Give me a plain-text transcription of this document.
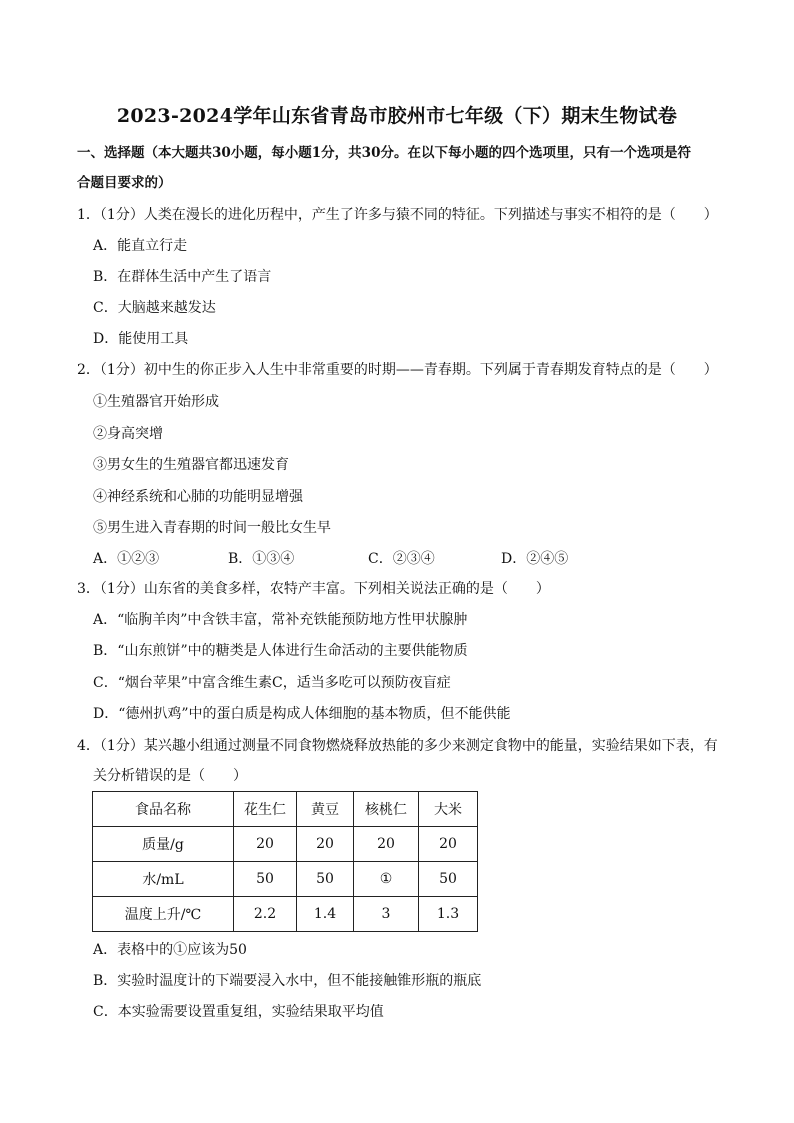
2023-2024学年山东省青岛市胶州市七年级（下）期末生物试卷
一、选择题（本大题共30小题，每小题1分，共30分。在以下每小题的四个选项里，只有一个选项是符
合题目要求的）
1．（1分）人类在漫长的进化历程中，产生了许多与猿不同的特征。下列描述与事实不相符的是（　　）
A．能直立行走
B．在群体生活中产生了语言
C．大脑越来越发达
D．能使用工具
2．（1分）初中生的你正步入人生中非常重要的时期——青春期。下列属于青春期发育特点的是（　　）
①生殖器官开始形成
②身高突增
③男女生的生殖器官都迅速发育
④神经系统和心肺的功能明显增强
⑤男生进入青春期的时间一般比女生早
A．①②③	B．①③④	C．②③④	D．②④⑤
3．（1分）山东省的美食多样，农特产丰富。下列相关说法正确的是（　　）
A．“临朐羊肉”中含铁丰富，常补充铁能预防地方性甲状腺肿
B．“山东煎饼”中的糖类是人体进行生命活动的主要供能物质
C．“烟台苹果”中富含维生素C，适当多吃可以预防夜盲症
D．“德州扒鸡”中的蛋白质是构成人体细胞的基本物质，但不能供能
4．（1分）某兴趣小组通过测量不同食物燃烧释放热能的多少来测定食物中的能量，实验结果如下表，有
关分析错误的是（　　）
食品名称	花生仁	黄豆	核桃仁	大米
质量/g	20	20	20	20
水/mL	50	50	①	50
温度上升/℃	2.2	1.4	3	1.3
A．表格中的①应该为50
B．实验时温度计的下端要浸入水中，但不能接触锥形瓶的瓶底
C．本实验需要设置重复组，实验结果取平均值
